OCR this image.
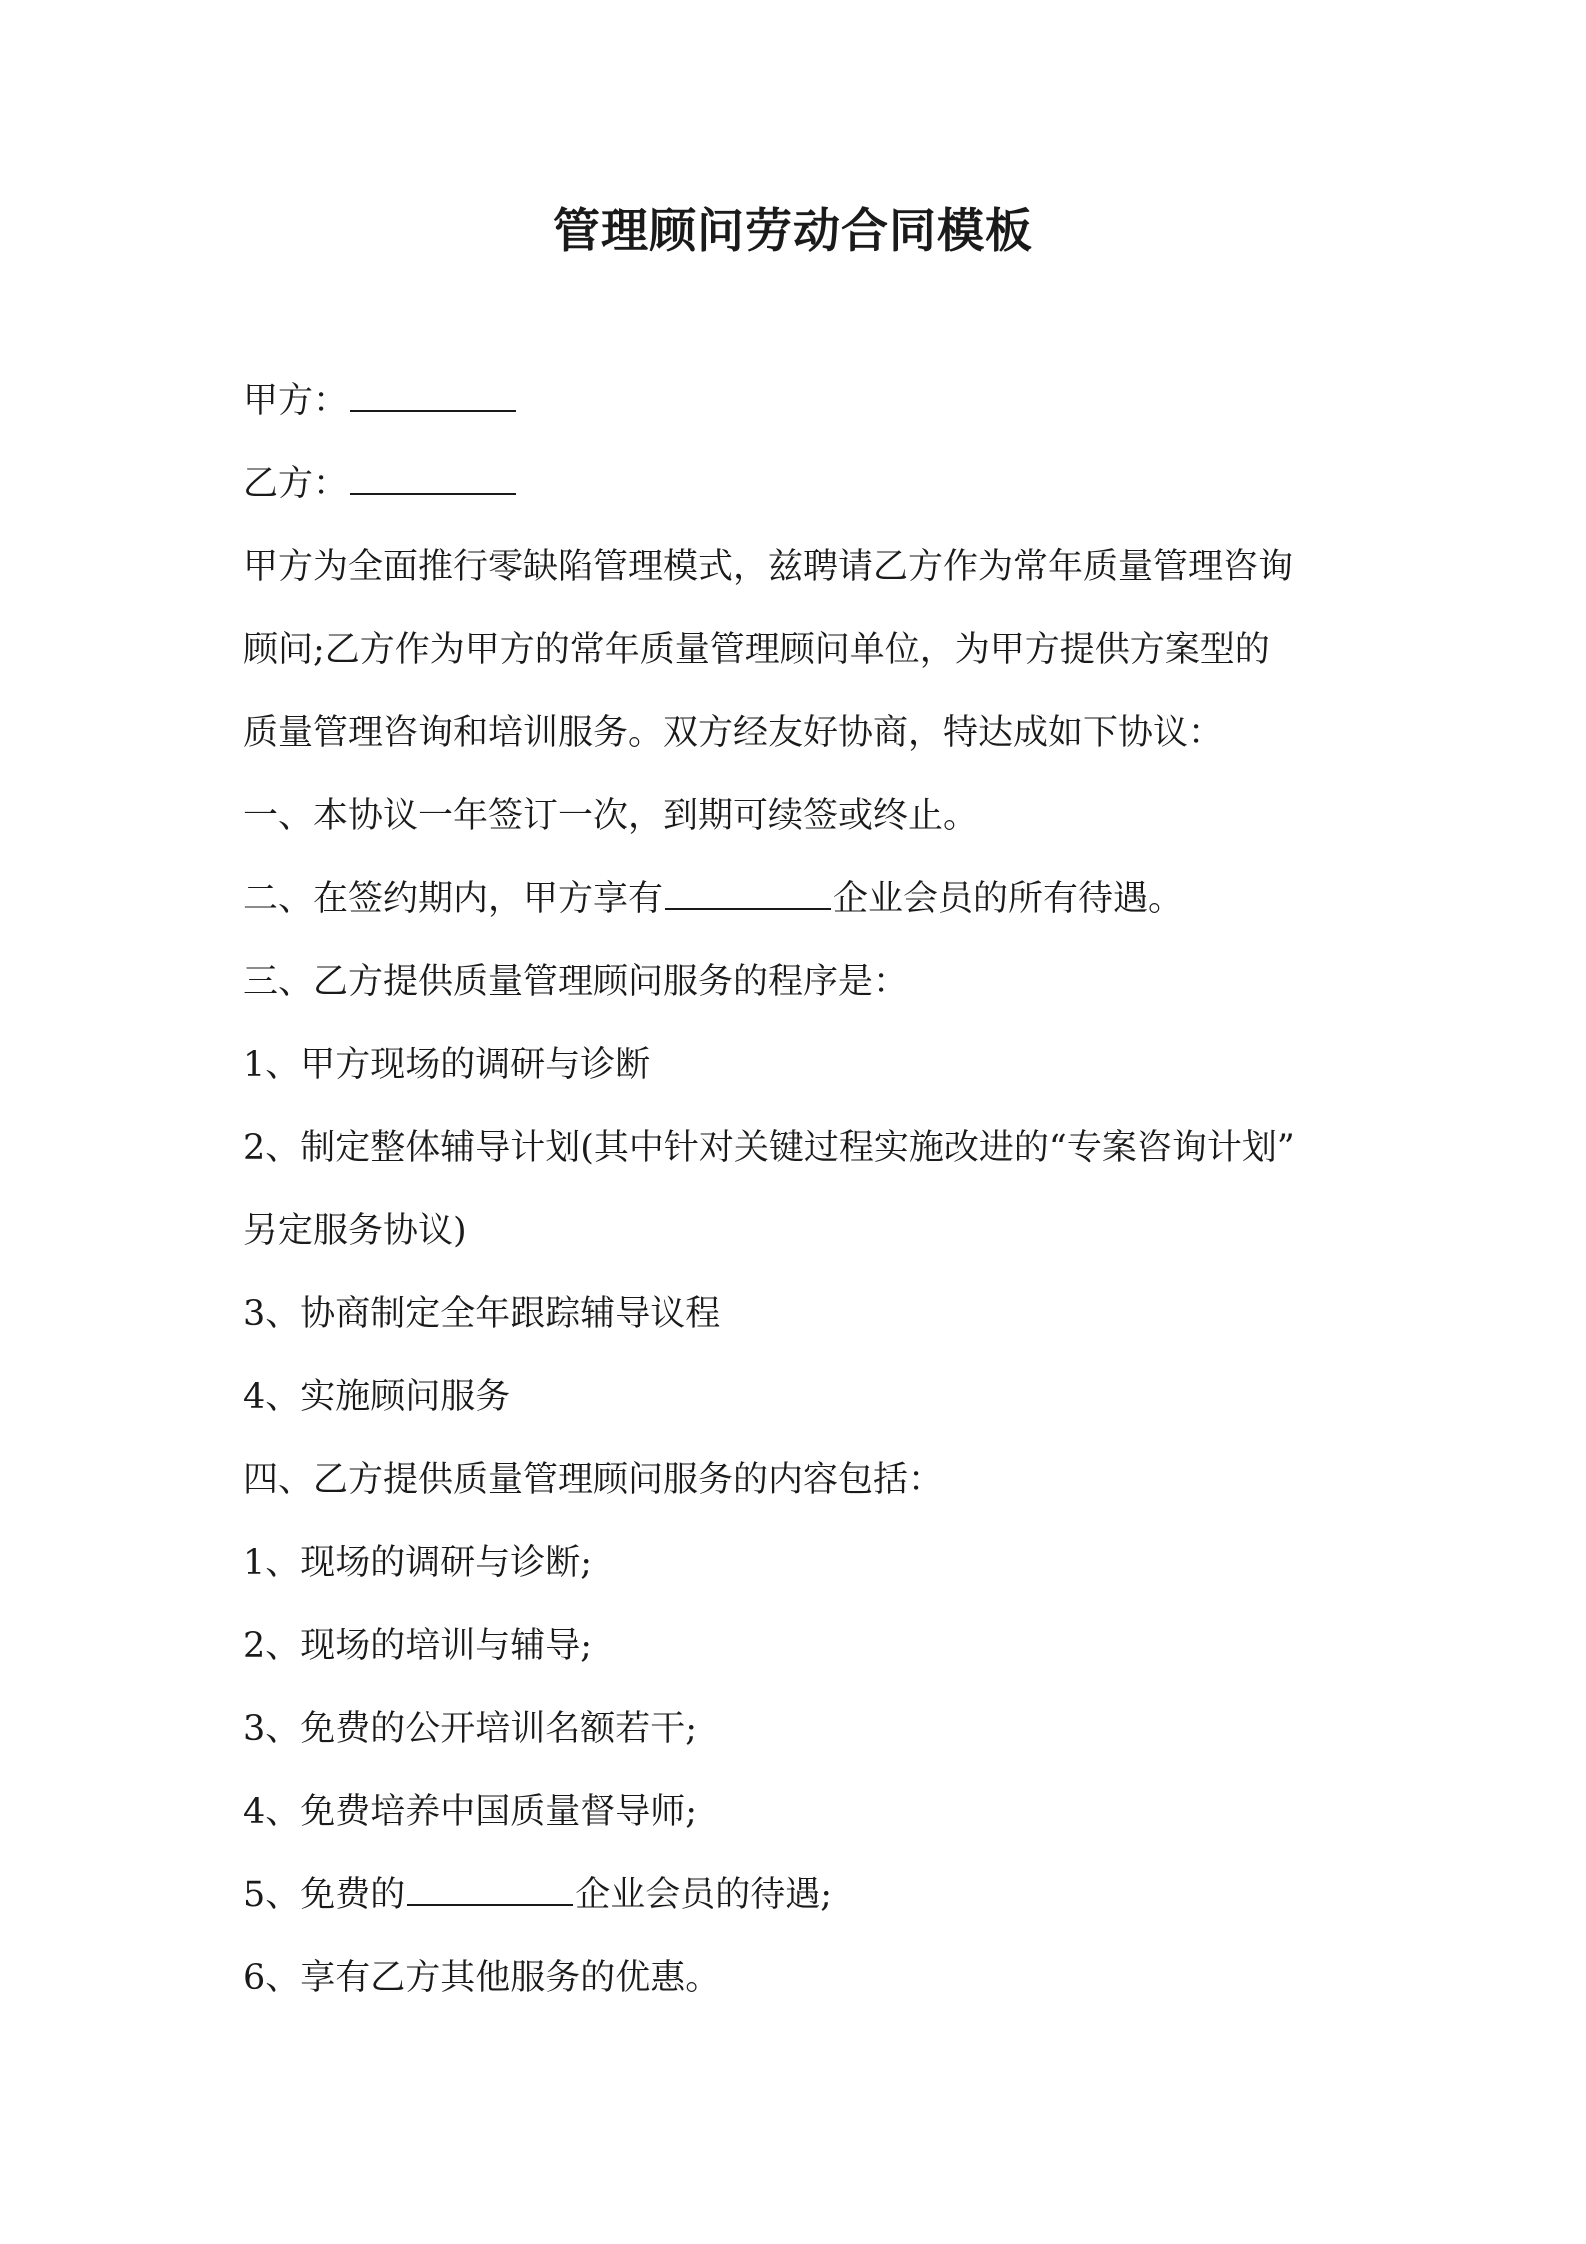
管理顾问劳动合同模板
甲方：
乙方：
甲方为全面推行零缺陷管理模式，兹聘请乙方作为常年质量管理咨询
顾问;乙方作为甲方的常年质量管理顾问单位，为甲方提供方案型的
质量管理咨询和培训服务。双方经友好协商，特达成如下协议：
一、本协议一年签订一次，到期可续签或终止。
二、在签约期内，甲方享有	企业会员的所有待遇。
三、乙方提供质量管理顾问服务的程序是：
1、甲方现场的调研与诊断
2、制定整体辅导计划(其中针对关键过程实施改进的“专案咨询计划”
另定服务协议)
3、协商制定全年跟踪辅导议程
4、实施顾问服务
四、乙方提供质量管理顾问服务的内容包括：
1、现场的调研与诊断;
2、现场的培训与辅导;
3、免费的公开培训名额若干;
4、免费培养中国质量督导师;
5、免费的	企业会员的待遇;
6、享有乙方其他服务的优惠。
